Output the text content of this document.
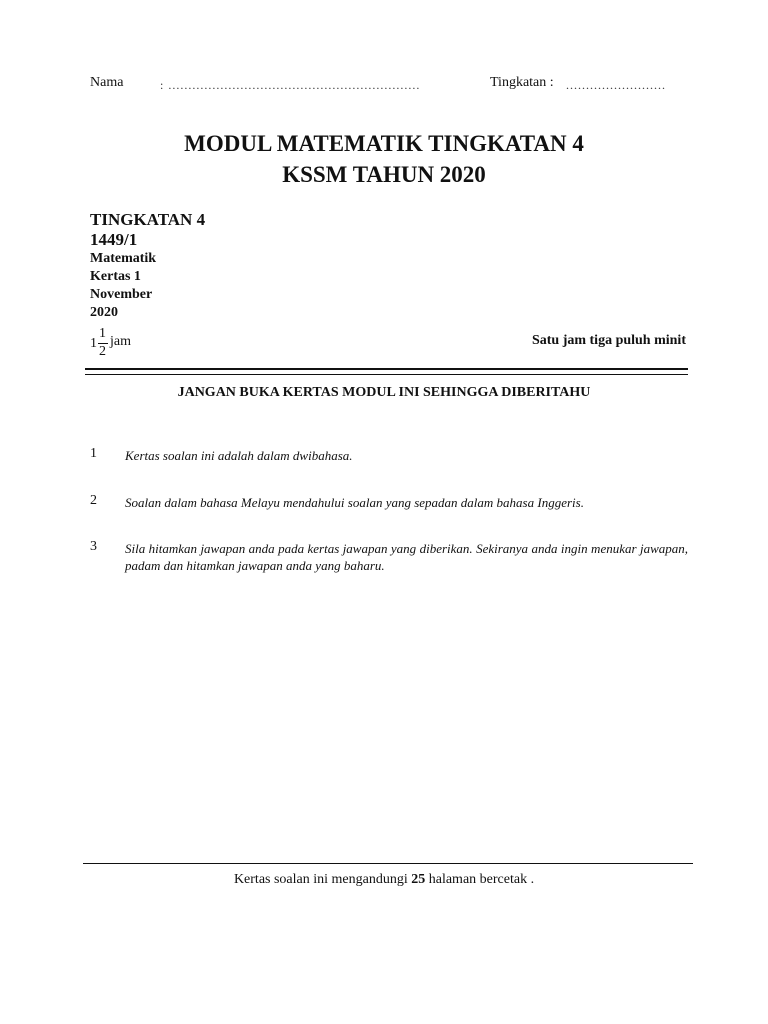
Nama	: ...............................................................	Tingkatan : .........................
MODUL MATEMATIK TINGKATAN 4
KSSM TAHUN 2020
TINGKATAN 4
1449/1
Matematik
Kertas 1
November
2020
1
1
2
jam	Satu jam tiga puluh minit
JANGAN BUKA KERTAS MODUL INI SEHINGGA DIBERITAHU
1 Kertas soalan ini adalah dalam dwibahasa.
2 Soalan dalam bahasa Melayu mendahului soalan yang sepadan dalam bahasa Inggeris.
3 Sila hitamkan jawapan anda pada kertas jawapan yang diberikan. Sekiranya anda ingin menukar jawapan, padam dan hitamkan jawapan anda yang baharu.
Kertas soalan ini mengandungi 25 halaman bercetak .
